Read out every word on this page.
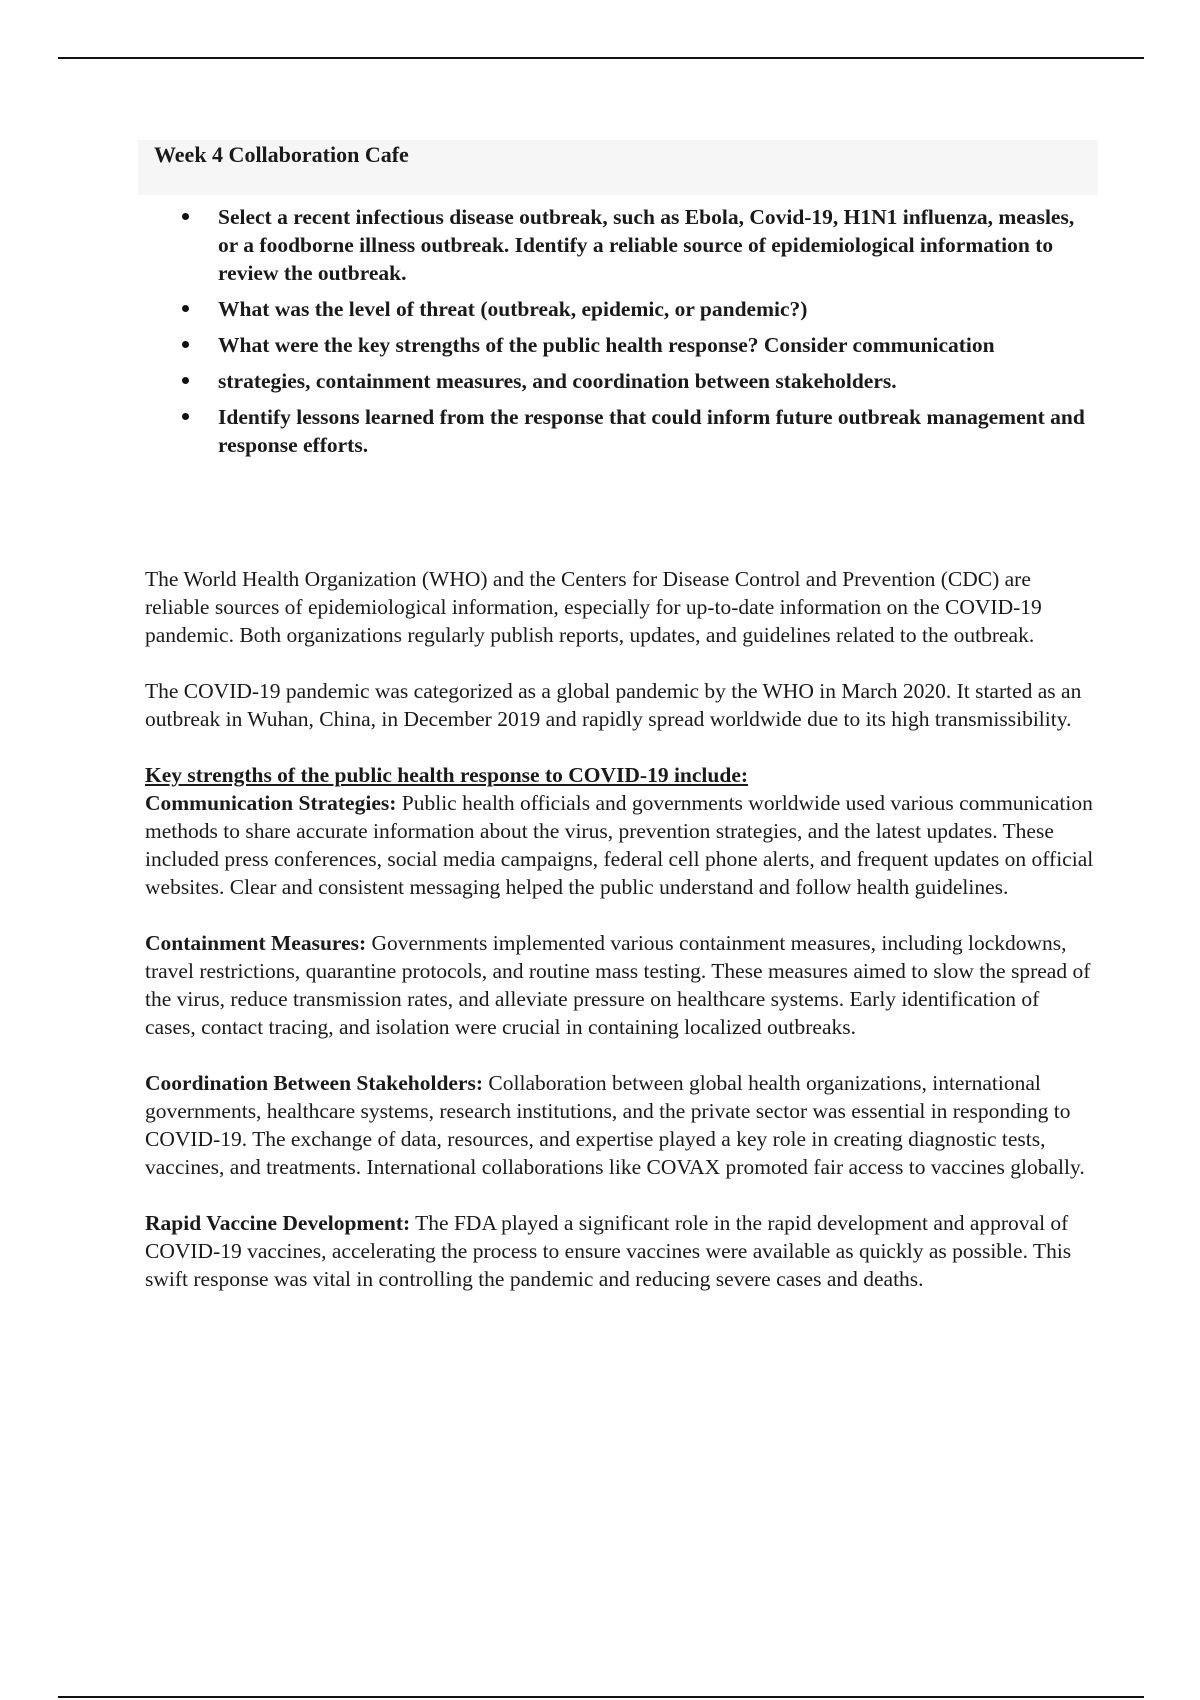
Week 4 Collaboration Cafe
Select a recent infectious disease outbreak, such as Ebola, Covid-19, H1N1 influenza, measles, or a foodborne illness outbreak. Identify a reliable source of epidemiological information to review the outbreak.
What was the level of threat (outbreak, epidemic, or pandemic?)
What were the key strengths of the public health response? Consider communication
strategies, containment measures, and coordination between stakeholders.
Identify lessons learned from the response that could inform future outbreak management and response efforts.

The World Health Organization (WHO) and the Centers for Disease Control and Prevention (CDC) are reliable sources of epidemiological information, especially for up-to-date information on the COVID-19 pandemic. Both organizations regularly publish reports, updates, and guidelines related to the outbreak.

The COVID-19 pandemic was categorized as a global pandemic by the WHO in March 2020. It started as an outbreak in Wuhan, China, in December 2019 and rapidly spread worldwide due to its high transmissibility.

Key strengths of the public health response to COVID-19 include:

Communication Strategies: Public health officials and governments worldwide used various communication methods to share accurate information about the virus, prevention strategies, and the latest updates. These included press conferences, social media campaigns, federal cell phone alerts, and frequent updates on official websites. Clear and consistent messaging helped the public understand and follow health guidelines.

Containment Measures: Governments implemented various containment measures, including lockdowns, travel restrictions, quarantine protocols, and routine mass testing. These measures aimed to slow the spread of the virus, reduce transmission rates, and alleviate pressure on healthcare systems. Early identification of cases, contact tracing, and isolation were crucial in containing localized outbreaks.

Coordination Between Stakeholders: Collaboration between global health organizations, international governments, healthcare systems, research institutions, and the private sector was essential in responding to COVID-19. The exchange of data, resources, and expertise played a key role in creating diagnostic tests, vaccines, and treatments. International collaborations like COVAX promoted fair access to vaccines globally.

Rapid Vaccine Development: The FDA played a significant role in the rapid development and approval of COVID-19 vaccines, accelerating the process to ensure vaccines were available as quickly as possible. This swift response was vital in controlling the pandemic and reducing severe cases and deaths.
